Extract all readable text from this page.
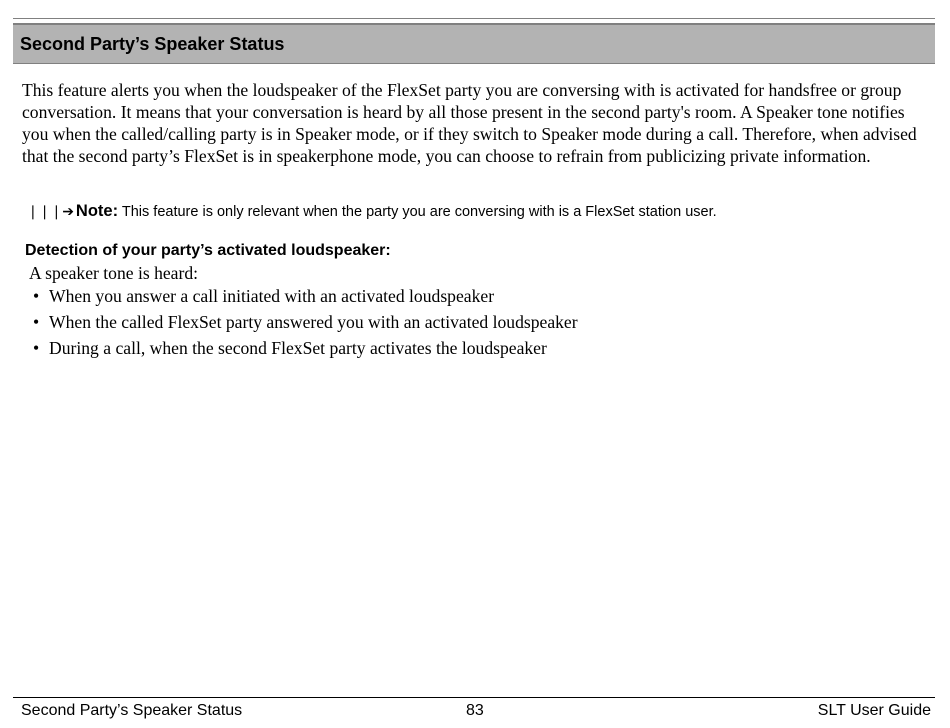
Second Party’s Speaker Status

This feature alerts you when the loudspeaker of the FlexSet party you are conversing with is activated for handsfree or group conversation. It means that your conversation is heard by all those present in the second party's room. A Speaker tone notifies you when the called/calling party is in Speaker mode, or if they switch to Speaker mode during a call. Therefore, when advised that the second party’s FlexSet is in speakerphone mode, you can choose to refrain from publicizing private information.

❘❘❘➔ Note: This feature is only relevant when the party you are conversing with is a FlexSet station user.
Detection of your party’s activated loudspeaker:
A speaker tone is heard:
• When you answer a call initiated with an activated loudspeaker
• When the called FlexSet party answered you with an activated loudspeaker
• During a call, when the second FlexSet party activates the loudspeaker
Second Party’s Speaker Status	83	SLT User Guide
